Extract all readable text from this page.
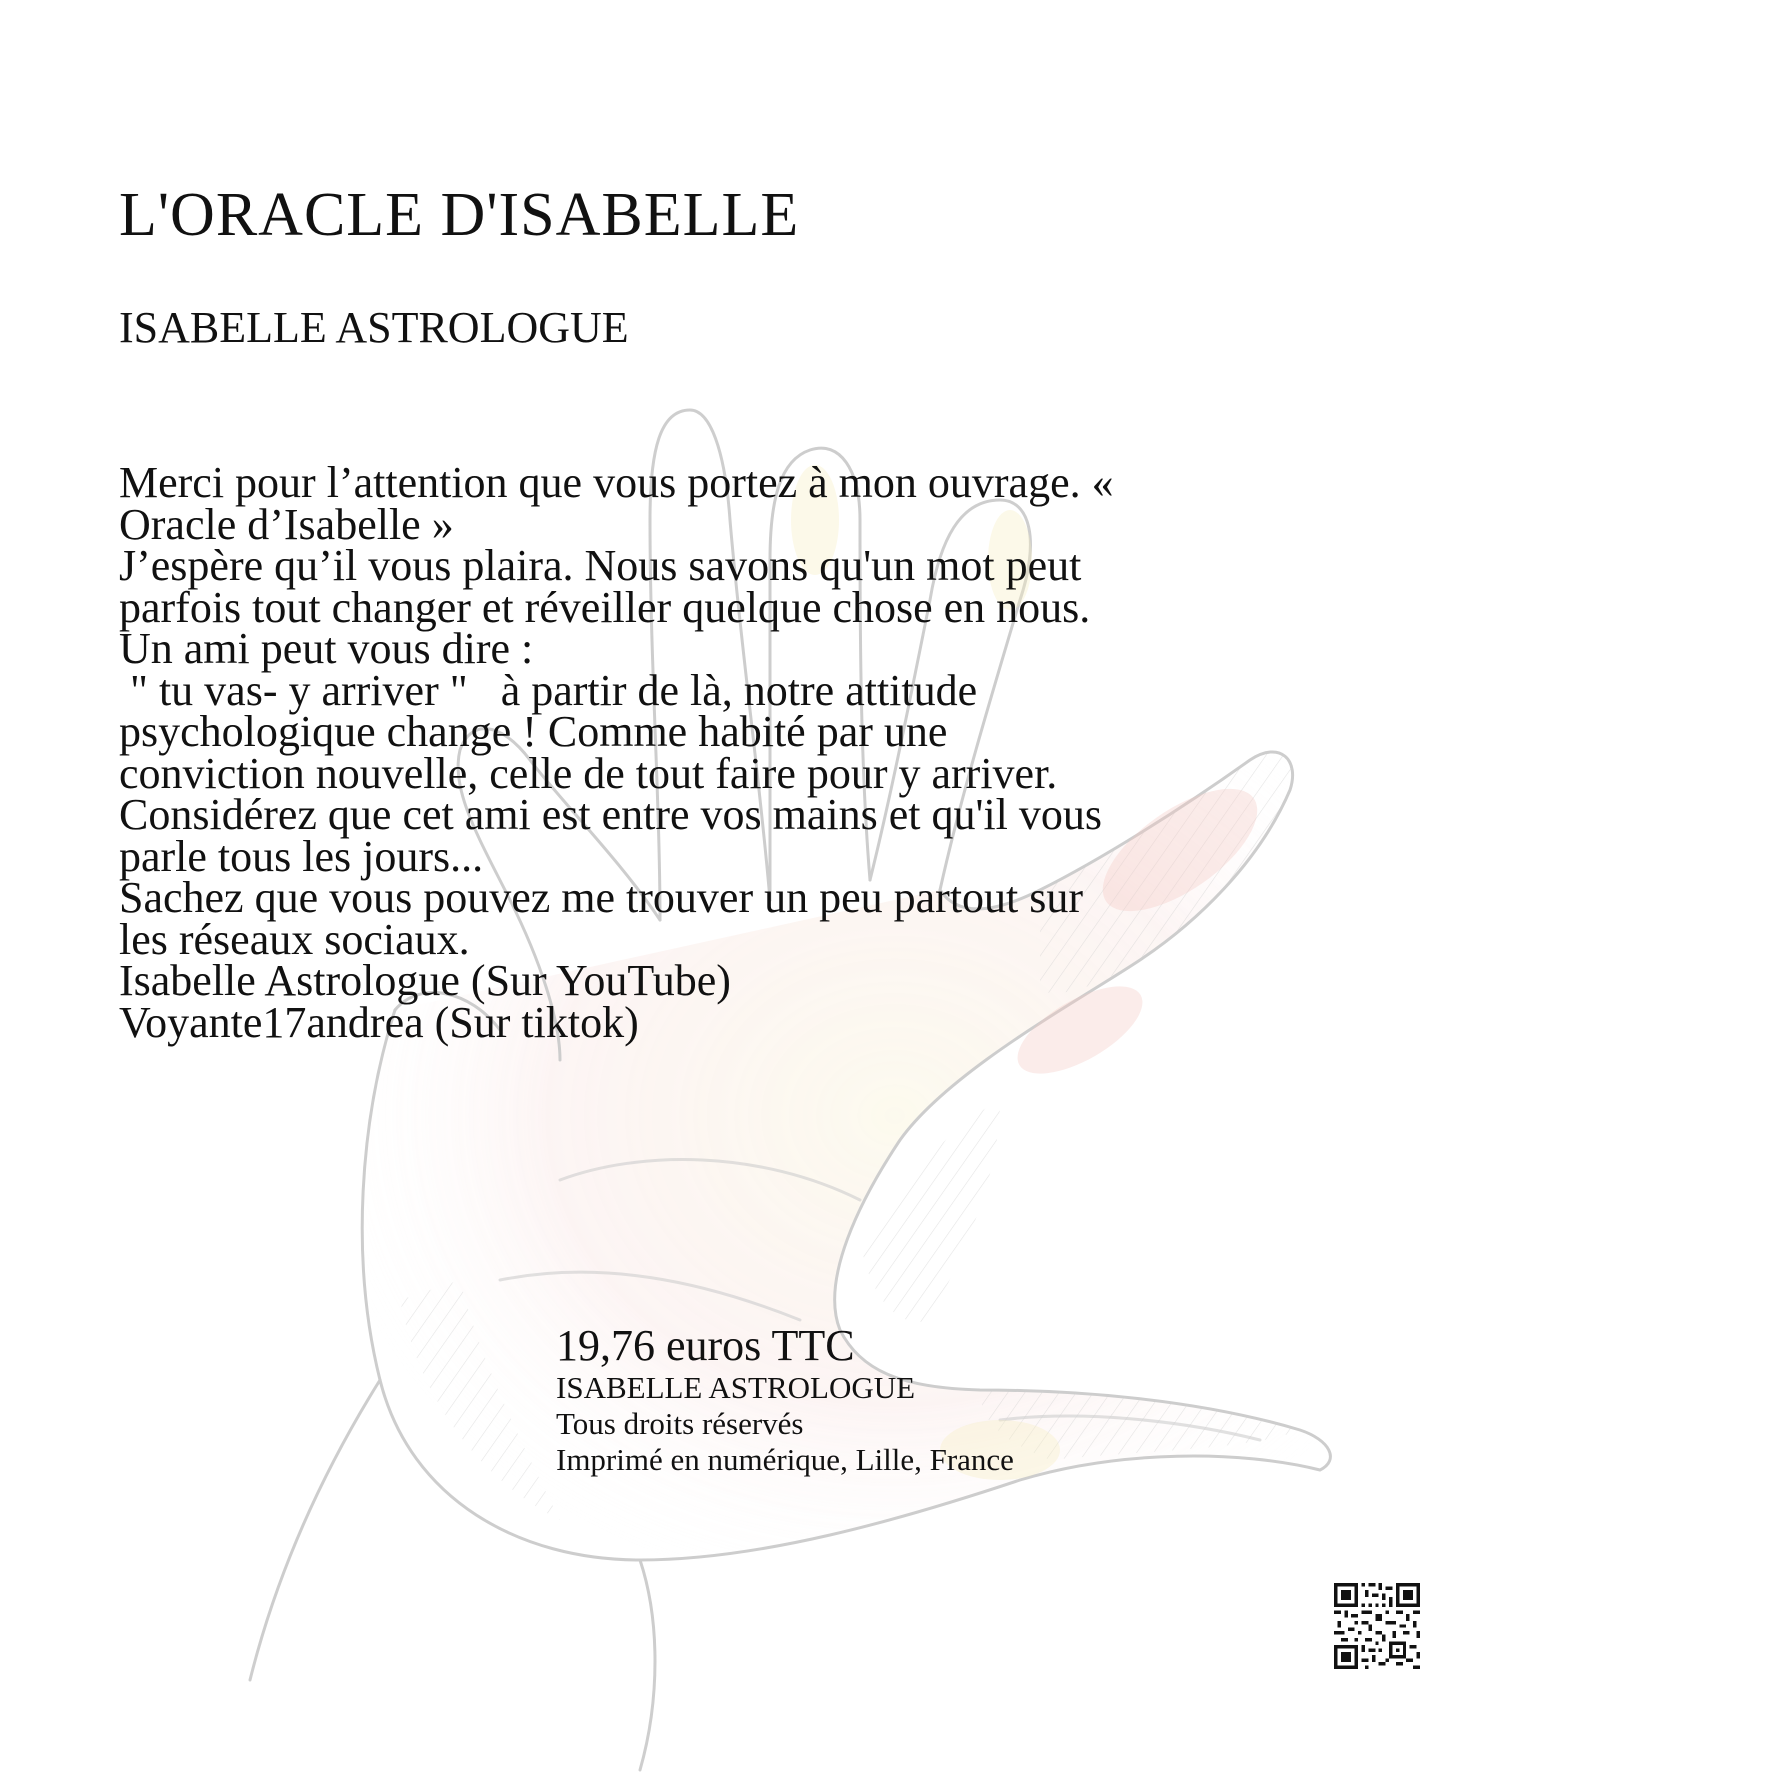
L'ORACLE D'ISABELLE
ISABELLE ASTROLOGUE
Merci pour l’attention que vous portez à mon ouvrage. «
Oracle d’Isabelle »
J’espère qu’il vous plaira. Nous savons qu'un mot peut
parfois tout changer et réveiller quelque chose en nous.
Un ami peut vous dire :
" tu vas- y arriver "   à partir de là, notre attitude
psychologique change ! Comme habité par une
conviction nouvelle, celle de tout faire pour y arriver.
Considérez que cet ami est entre vos mains et qu'il vous
parle tous les jours...
Sachez que vous pouvez me trouver un peu partout sur
les réseaux sociaux.
Isabelle Astrologue (Sur YouTube)
Voyante17andrea (Sur tiktok)
19,76 euros TTC
ISABELLE ASTROLOGUE
Tous droits réservés
Imprimé en numérique, Lille, France
